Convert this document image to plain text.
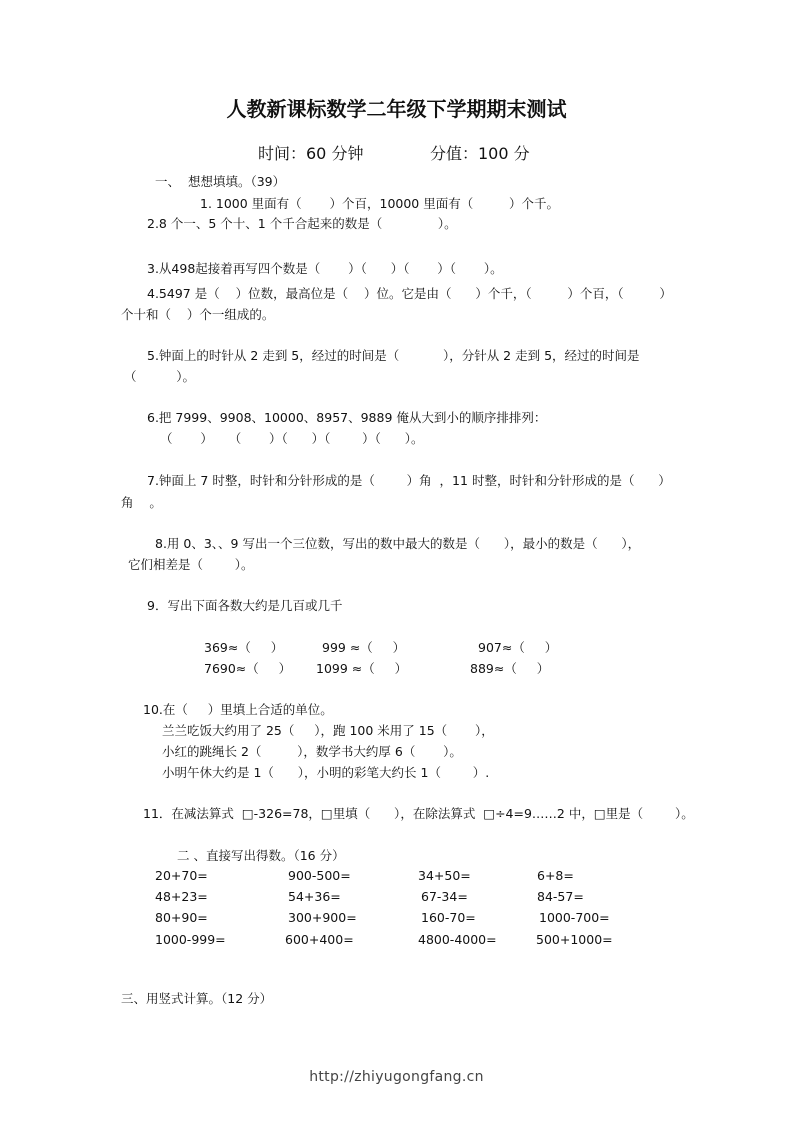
人教新课标数学二年级下学期期末测试
时间：60 分钟	分值：100 分
一、  想想填填。（39）
1. 1000 里面有（       ）个百，10000 里面有（         ）个千。
2.8 个一、5 个十、1 个千合起来的数是（              ）。
3.从498起接着再写四个数是（       ）（      ）（       ）（       ）。
4.5497 是（    ）位数，最高位是（    ）位。它是由（      ）个千，（         ）个百，（         ）
个十和（    ）个一组成的。
5.钟面上的时针从 2 走到 5，经过的时间是（           ），分针从 2 走到 5，经过的时间是
（          ）。
6.把 7999、9908、10000、8957、9889 俺从大到小的顺序排排列：
（       ）    （       ）（      ）（        ）（      ）。
7.钟面上 7 时整，时针和分针形成的是（        ）角  ，11 时整，时针和分针形成的是（      ）
角    。
8.用 0、3、、9 写出一个三位数，写出的数中最大的数是（      ），最小的数是（      ），
它们相差是（        ）。
9．写出下面各数大约是几百或几千
369≈（     ）	999 ≈（     ）	907≈（     ）
7690≈（     ） 1099 ≈（     ）	889≈（     ）
10.在（     ）里填上合适的单位。
兰兰吃饭大约用了 25（     ），跑 100 米用了 15（       ），
小红的跳绳长 2（         ），数学书大约厚 6（       ）。
小明午休大约是 1（      ），小明的彩笔大约长 1（        ）.
11．在减法算式  □-326=78，□里填（      ），在除法算式  □÷4=9……2 中，□里是（        ）。
二 、直接写出得数。（16 分）
20+70=	900-500=	34+50=	6+8=
48+23=	54+36=	67-34=	84-57=
80+90=	300+900=	160-70=	1000-700=
1000-999=	600+400=	4800-4000=	500+1000=
三、用竖式计算。（12 分）
http://zhiyugongfang.cn
